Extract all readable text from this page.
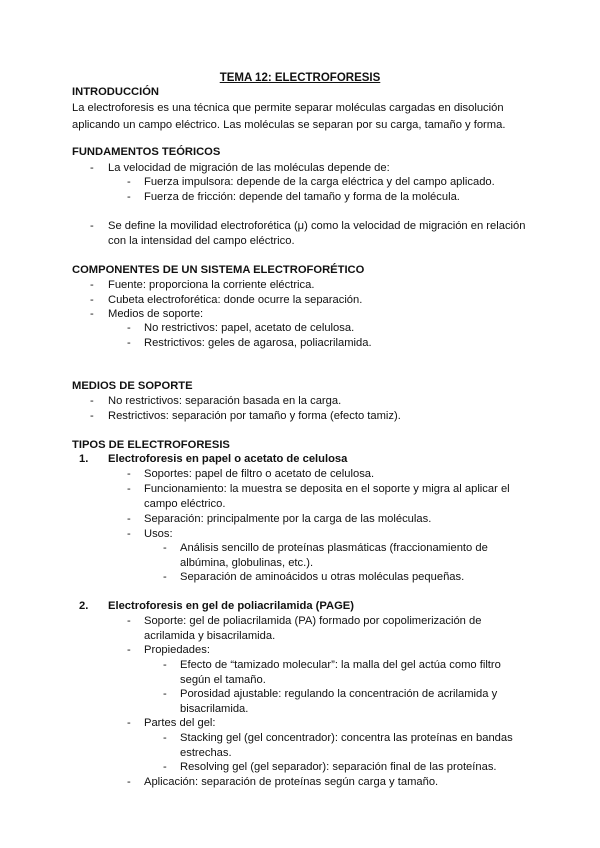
TEMA 12: ELECTROFORESIS
INTRODUCCIÓN
La electroforesis es una técnica que permite separar moléculas cargadas en disolución
aplicando un campo eléctrico. Las moléculas se separan por su carga, tamaño y forma.
FUNDAMENTOS TEÓRICOS
- La velocidad de migración de las moléculas depende de:
- Fuerza impulsora: depende de la carga eléctrica y del campo aplicado.
- Fuerza de fricción: depende del tamaño y forma de la molécula.
- Se define la movilidad electroforética (μ) como la velocidad de migración en relación
con la intensidad del campo eléctrico.
COMPONENTES DE UN SISTEMA ELECTROFORÉTICO
- Fuente: proporciona la corriente eléctrica.
- Cubeta electroforética: donde ocurre la separación.
- Medios de soporte:
- No restrictivos: papel, acetato de celulosa.
- Restrictivos: geles de agarosa, poliacrilamida.
MEDIOS DE SOPORTE
- No restrictivos: separación basada en la carga.
- Restrictivos: separación por tamaño y forma (efecto tamiz).
TIPOS DE ELECTROFORESIS
1. Electroforesis en papel o acetato de celulosa
- Soportes: papel de filtro o acetato de celulosa.
- Funcionamiento: la muestra se deposita en el soporte y migra al aplicar el
campo eléctrico.
- Separación: principalmente por la carga de las moléculas.
- Usos:
- Análisis sencillo de proteínas plasmáticas (fraccionamiento de
albúmina, globulinas, etc.).
- Separación de aminoácidos u otras moléculas pequeñas.
2. Electroforesis en gel de poliacrilamida (PAGE)
- Soporte: gel de poliacrilamida (PA) formado por copolimerización de
acrilamida y bisacrilamida.
- Propiedades:
- Efecto de “tamizado molecular”: la malla del gel actúa como filtro
según el tamaño.
- Porosidad ajustable: regulando la concentración de acrilamida y
bisacrilamida.
- Partes del gel:
- Stacking gel (gel concentrador): concentra las proteínas en bandas
estrechas.
- Resolving gel (gel separador): separación final de las proteínas.
- Aplicación: separación de proteínas según carga y tamaño.
